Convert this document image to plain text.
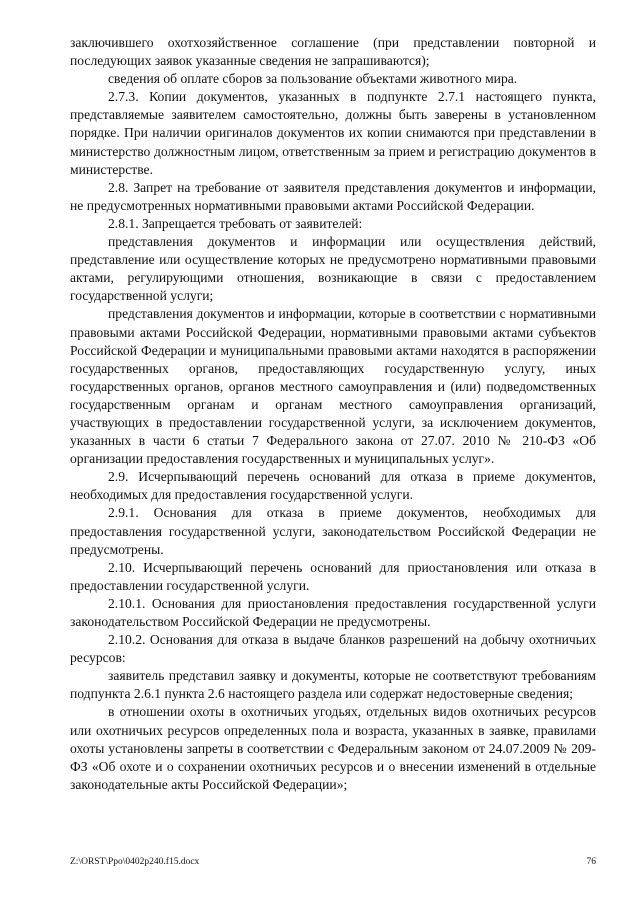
заключившего охотхозяйственное соглашение (при представлении повторной и последующих заявок указанные сведения не запрашиваются);

сведения об оплате сборов за пользование объектами животного мира.

2.7.3. Копии документов, указанных в подпункте 2.7.1 настоящего пункта, представляемые заявителем самостоятельно, должны быть заверены в установленном порядке. При наличии оригиналов документов их копии снимаются при представлении в министерство должностным лицом, ответственным за прием и регистрацию документов в министерстве.

2.8. Запрет на требование от заявителя представления документов и информации, не предусмотренных нормативными правовыми актами Российской Федерации.

2.8.1. Запрещается требовать от заявителей:

представления документов и информации или осуществления действий, представление или осуществление которых не предусмотрено нормативными правовыми актами, регулирующими отношения, возникающие в связи с предоставлением государственной услуги;

представления документов и информации, которые в соответствии с нормативными правовыми актами Российской Федерации, нормативными правовыми актами субъектов Российской Федерации и муниципальными правовыми актами находятся в распоряжении государственных органов, предоставляющих государственную услугу, иных государственных органов, органов местного самоуправления и (или) подведомственных государственным органам и органам местного самоуправления организаций, участвующих в предоставлении государственной услуги, за исключением документов, указанных в части 6 статьи 7 Федерального закона от 27.07. 2010 № 210-ФЗ «Об организации предоставления государственных и муниципальных услуг».

2.9. Исчерпывающий перечень оснований для отказа в приеме документов, необходимых для предоставления государственной услуги.

2.9.1. Основания для отказа в приеме документов, необходимых для предоставления государственной услуги, законодательством Российской Федерации не предусмотрены.

2.10. Исчерпывающий перечень оснований для приостановления или отказа в предоставлении государственной услуги.

2.10.1. Основания для приостановления предоставления государственной услуги законодательством Российской Федерации не предусмотрены.

2.10.2. Основания для отказа в выдаче бланков разрешений на добычу охотничьих ресурсов:

заявитель представил заявку и документы, которые не соответствуют требованиям подпункта 2.6.1 пункта 2.6 настоящего раздела или содержат недостоверные сведения;

в отношении охоты в охотничьих угодьях, отдельных видов охотничьих ресурсов или охотничьих ресурсов определенных пола и возраста, указанных в заявке, правилами охоты установлены запреты в соответствии с Федеральным законом от 24.07.2009 № 209-ФЗ «Об охоте и о сохранении охотничьих ресурсов и о внесении изменений в отдельные законодательные акты Российской Федерации»;

Z:\ORST\Ppo\0402p240.f15.docx	76
